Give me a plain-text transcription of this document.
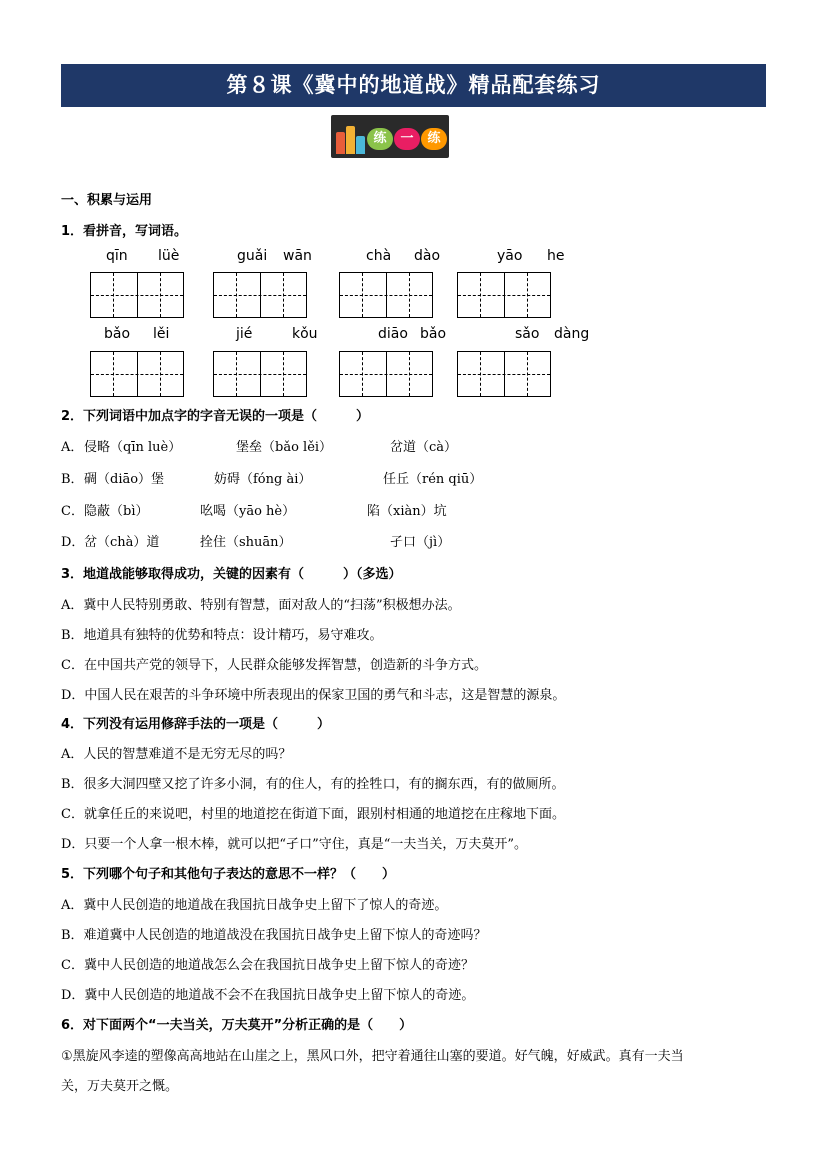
第８课《冀中的地道战》精品配套练习
练	一	练
一、积累与运用
1．看拼音，写词语。
qīn lüè	guǎi wān	chà dào	yāo he
bǎo lěi	jié	kǒu	diāo bǎo	sǎo dàng
2．下列词语中加点字的字音无误的一项是（　　　）
A． 侵略（qīn luè）	堡垒（bǎo lěi）	岔道（cà）
B． 碉（diāo）堡	妨碍（fóng ài）	任丘（rén qiū）
C． 隐蔽（bì）	吆喝（yāo hè）	陷（xiàn）坑
D． 岔（chà）道	拴住（shuān）	孑口（jì）
3．地道战能够取得成功，关键的因素有（　　　）（多选）
A．冀中人民特别勇敢、特别有智慧，面对敌人的“扫荡”积极想办法。
B．地道具有独特的优势和特点：设计精巧，易守难攻。
C．在中国共产党的领导下，人民群众能够发挥智慧，创造新的斗争方式。
D．中国人民在艰苦的斗争环境中所表现出的保家卫国的勇气和斗志，这是智慧的源泉。
4．下列没有运用修辞手法的一项是（　　　）
A．人民的智慧难道不是无穷无尽的吗？
B．很多大洞四壁又挖了许多小洞，有的住人，有的拴牲口，有的搁东西，有的做厕所。
C．就拿任丘的来说吧，村里的地道挖在街道下面，跟别村相通的地道挖在庄稼地下面。
D．只要一个人拿一根木棒，就可以把“孑口”守住，真是“一夫当关，万夫莫开”。
5．下列哪个句子和其他句子表达的意思不一样？（　　）
A．冀中人民创造的地道战在我国抗日战争史上留下了惊人的奇迹。
B．难道冀中人民创造的地道战没在我国抗日战争史上留下惊人的奇迹吗？
C．冀中人民创造的地道战怎么会在我国抗日战争史上留下惊人的奇迹？
D．冀中人民创造的地道战不会不在我国抗日战争史上留下惊人的奇迹。
6．对下面两个“一夫当关，万夫莫开”分析正确的是（　　）
①黑旋风李逵的塑像高高地站在山崖之上，黑风口外，把守着通往山塞的要道。好气魄，好威武。真有一夫当
关，万夫莫开之慨。
